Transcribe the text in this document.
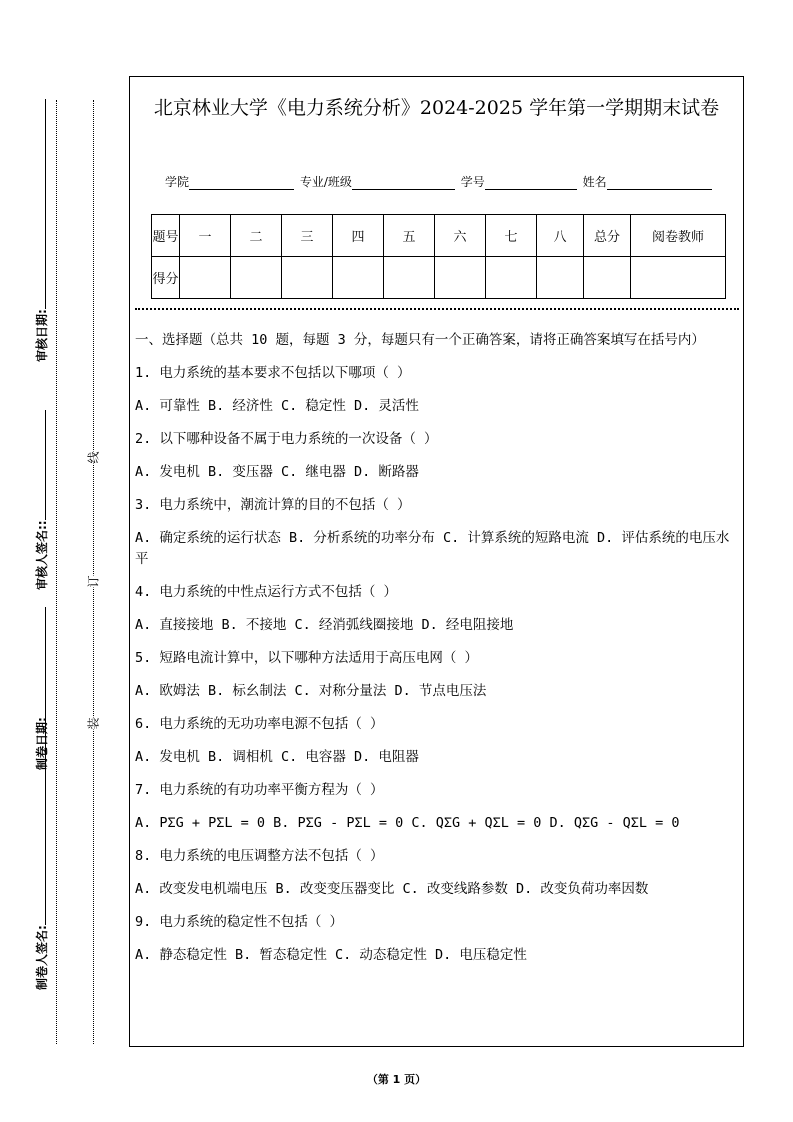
审核日期:
审核人签名::
制卷日期:
制卷人签名:
线
订
装
北京林业大学《电力系统分析》2024-2025 学年第一学期期末试卷
学院	专业/班级	学号	姓名
题号	一	二	三	四	五	六	七	八	总分	阅卷教师
得分										

一、选择题（总共 10 题，每题 3 分，每题只有一个正确答案，请将正确答案填写在括号内）

1. 电力系统的基本要求不包括以下哪项（ ）

A. 可靠性 B. 经济性 C. 稳定性 D. 灵活性

2. 以下哪种设备不属于电力系统的一次设备（ ）

A. 发电机 B. 变压器 C. 继电器 D. 断路器

3. 电力系统中，潮流计算的目的不包括（ ）

A. 确定系统的运行状态 B. 分析系统的功率分布 C. 计算系统的短路电流 D. 评估系统的电压水平

4. 电力系统的中性点运行方式不包括（ ）

A. 直接接地 B. 不接地 C. 经消弧线圈接地 D. 经电阻接地

5. 短路电流计算中，以下哪种方法适用于高压电网（ ）

A. 欧姆法 B. 标幺制法 C. 对称分量法 D. 节点电压法

6. 电力系统的无功功率电源不包括（ ）

A. 发电机 B. 调相机 C. 电容器 D. 电阻器

7. 电力系统的有功功率平衡方程为（ ）

A. PΣG + PΣL = 0 B. PΣG - PΣL = 0 C. QΣG + QΣL = 0 D. QΣG - QΣL = 0

8. 电力系统的电压调整方法不包括（ ）

A. 改变发电机端电压 B. 改变变压器变比 C. 改变线路参数 D. 改变负荷功率因数

9. 电力系统的稳定性不包括（ ）

A. 静态稳定性 B. 暂态稳定性 C. 动态稳定性 D. 电压稳定性

（第 1 页）
